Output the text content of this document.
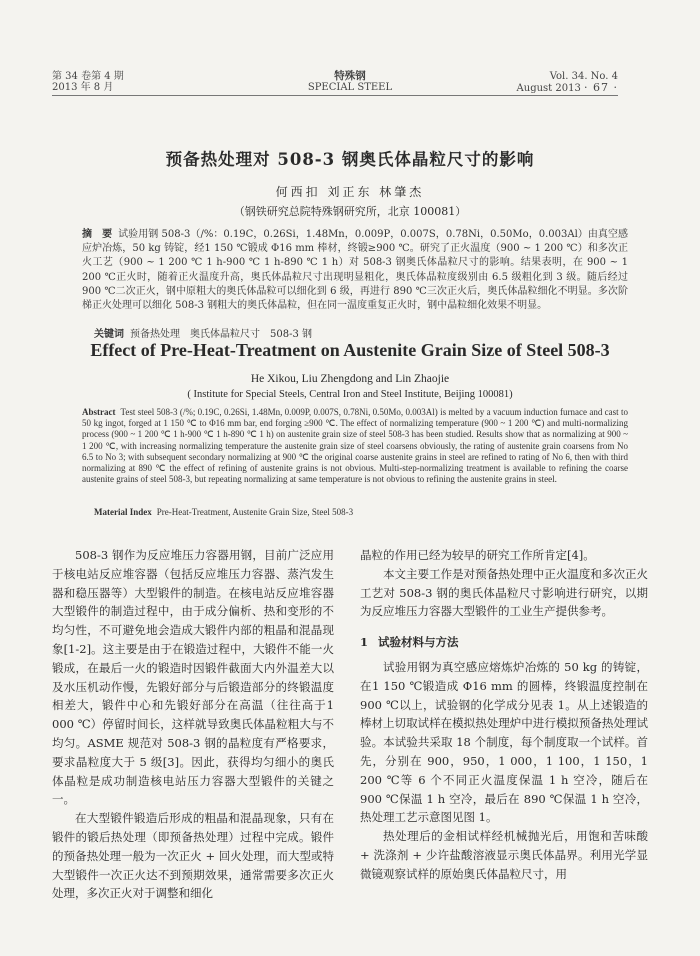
第 34 卷第 4 期
2013 年 8 月
特殊钢
SPECIAL STEEL
Vol. 34. No. 4
August 2013 · 67 ·
预备热处理对 508-3 钢奥氏体晶粒尺寸的影响
何西扣 刘正东 林肇杰
（钢铁研究总院特殊钢研究所，北京 100081）
摘　要 试验用钢 508-3（/%：0.19C，0.26Si，1.48Mn，0.009P，0.007S，0.78Ni，0.50Mo，0.003Al）由真空感应炉冶炼，50 kg 铸锭，经1 150 ℃锻成 Φ16 mm 棒材，终锻≥900 ℃。研究了正火温度（900 ~ 1 200 ℃）和多次正火工艺（900 ~ 1 200 ℃ 1 h-900 ℃ 1 h-890 ℃ 1 h）对 508-3 钢奥氏体晶粒尺寸的影响。结果表明，在 900 ~ 1 200 ℃正火时，随着正火温度升高，奥氏体晶粒尺寸出现明显粗化，奥氏体晶粒度级别由 6.5 级粗化到 3 级。随后经过 900 ℃二次正火，钢中原粗大的奥氏体晶粒可以细化到 6 级，再进行 890 ℃三次正火后，奥氏体晶粒细化不明显。多次阶梯正火处理可以细化 508-3 钢粗大的奥氏体晶粒，但在同一温度重复正火时，钢中晶粒细化效果不明显。
关键词 预备热处理　奥氏体晶粒尺寸　508-3 钢
Effect of Pre-Heat-Treatment on Austenite Grain Size of Steel 508-3
He Xikou, Liu Zhengdong and Lin Zhaojie
( Institute for Special Steels, Central Iron and Steel Institute, Beijing 100081)
Abstract Test steel 508-3 (/%; 0.19C, 0.26Si, 1.48Mn, 0.009P, 0.007S, 0.78Ni, 0.50Mo, 0.003Al) is melted by a vacuum induction furnace and cast to 50 kg ingot, forged at 1 150 ℃ to Φ16 mm bar, end forging ≥900 ℃. The effect of normalizing temperature (900 ~ 1 200 ℃) and multi-normalizing process (900 ~ 1 200 ℃ 1 h-900 ℃ 1 h-890 ℃ 1 h) on austenite grain size of steel 508-3 has been studied. Results show that as normalizing at 900 ~ 1 200 ℃, with increasing normalizing temperature the austenite grain size of steel coarsens obviously, the rating of austenite grain coarsens from No 6.5 to No 3; with subsequent secondary normalizing at 900 ℃ the original coarse austenite grains in steel are refined to rating of No 6, then with third normalizing at 890 ℃ the effect of refining of austenite grains is not obvious. Multi-step-normalizing treatment is available to refining the coarse austenite grains of steel 508-3, but repeating normalizing at same temperature is not obvious to refining the austenite grains in steel.
Material Index Pre-Heat-Treatment, Austenite Grain Size, Steel 508-3

508-3 钢作为反应堆压力容器用钢，目前广泛应用于核电站反应堆容器（包括反应堆压力容器、蒸汽发生器和稳压器等）大型锻件的制造。在核电站反应堆容器大型锻件的制造过程中，由于成分偏析、热和变形的不均匀性，不可避免地会造成大锻件内部的粗晶和混晶现象[1-2]。这主要是由于在锻造过程中，大锻件不能一火锻成，在最后一火的锻造时因锻件截面大内外温差大以及水压机动作慢，先锻好部分与后锻造部分的终锻温度相差大，锻件中心和先锻好部分在高温（往往高于1 000 ℃）停留时间长，这样就导致奥氏体晶粒粗大与不均匀。ASME 规范对 508-3 钢的晶粒度有严格要求，要求晶粒度大于 5 级[3]。因此，获得均匀细小的奥氏体晶粒是成功制造核电站压力容器大型锻件的关键之一。

在大型锻件锻造后形成的粗晶和混晶现象，只有在锻件的锻后热处理（即预备热处理）过程中完成。锻件的预备热处理一般为一次正火 + 回火处理，而大型或特大型锻件一次正火达不到预期效果，通常需要多次正火处理，多次正火对于调整和细化

晶粒的作用已经为较早的研究工作所肯定[4]。

本文主要工作是对预备热处理中正火温度和多次正火工艺对 508-3 钢的奥氏体晶粒尺寸影响进行研究，以期为反应堆压力容器大型锻件的工业生产提供参考。

1 试验材料与方法

试验用钢为真空感应熔炼炉冶炼的 50 kg 的铸锭，在1 150 ℃锻造成 Φ16 mm 的圆棒，终锻温度控制在 900 ℃以上，试验钢的化学成分见表 1。从上述锻造的棒材上切取试样在模拟热处理炉中进行模拟预备热处理试验。本试验共采取 18 个制度，每个制度取一个试样。首先，分别在 900，950，1 000，1 100，1 150，1 200 ℃等 6 个不同正火温度保温 1 h 空冷，随后在 900 ℃保温 1 h 空冷，最后在 890 ℃保温 1 h 空冷，热处理工艺示意图见图 1。

热处理后的金相试样经机械抛光后，用饱和苦味酸 + 洗涤剂 + 少许盐酸溶液显示奥氏体晶界。利用光学显微镜观察试样的原始奥氏体晶粒尺寸，用
